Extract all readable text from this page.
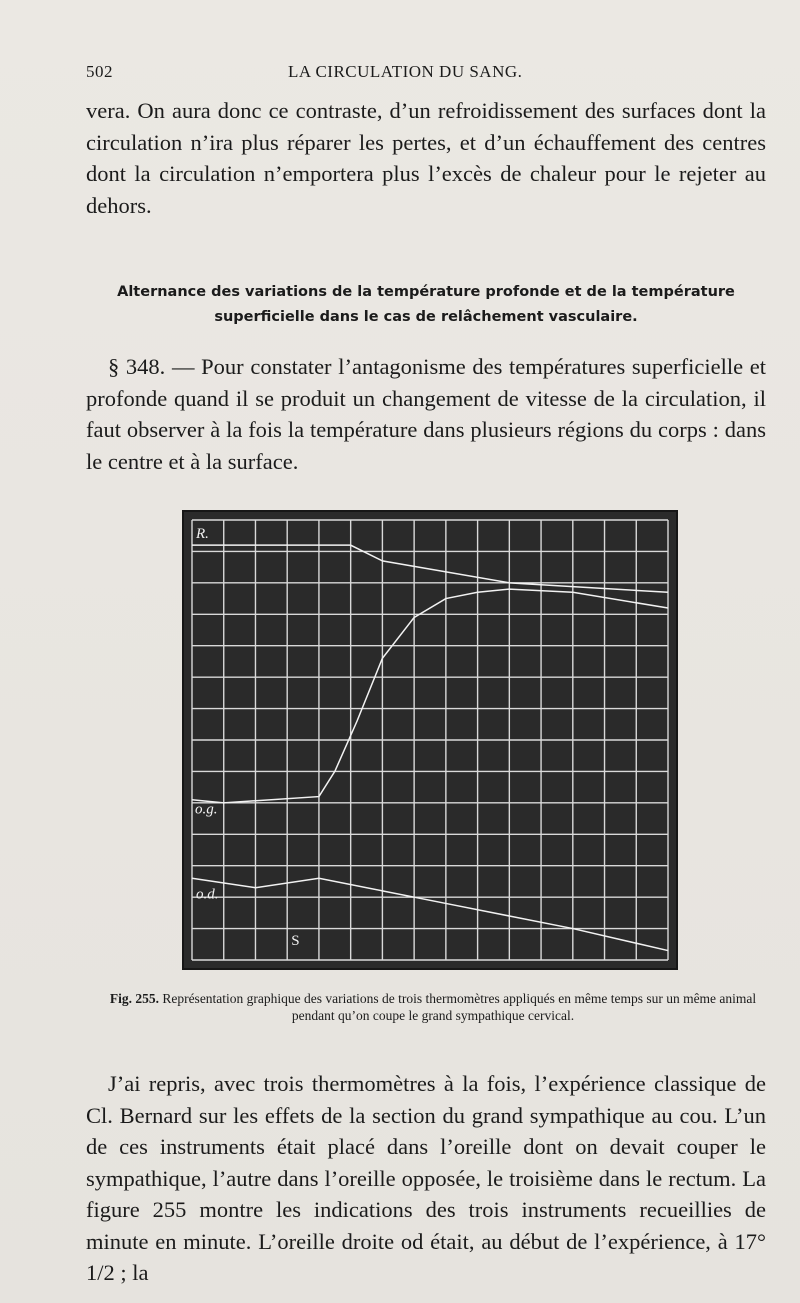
502	LA CIRCULATION DU SANG.

vera. On aura donc ce contraste, d’un refroidissement des surfaces dont la circulation n’ira plus réparer les pertes, et d’un échauffement des centres dont la circulation n’emportera plus l’excès de chaleur pour le rejeter au dehors.

Alternance des variations de la température profonde et de la température superficielle dans le cas de relâchement vasculaire.

§ 348. — Pour constater l’antagonisme des températures superficielle et profonde quand il se produit un changement de vitesse de la circulation, il faut observer à la fois la température dans plusieurs régions du corps : dans le centre et à la surface.

R.
o.g.
o.d.
S
Fig. 255. Représentation graphique des variations de trois thermomètres appliqués en même temps sur un même animal pendant qu’on coupe le grand sympathique cervical.

J’ai repris, avec trois thermomètres à la fois, l’expérience classique de Cl. Bernard sur les effets de la section du grand sympathique au cou. L’un de ces instruments était placé dans l’oreille dont on devait couper le sympathique, l’autre dans l’oreille opposée, le troisième dans le rectum. La figure 255 montre les indications des trois instruments recueillies de minute en minute. L’oreille droite od était, au début de l’expérience, à 17° 1/2 ; la
